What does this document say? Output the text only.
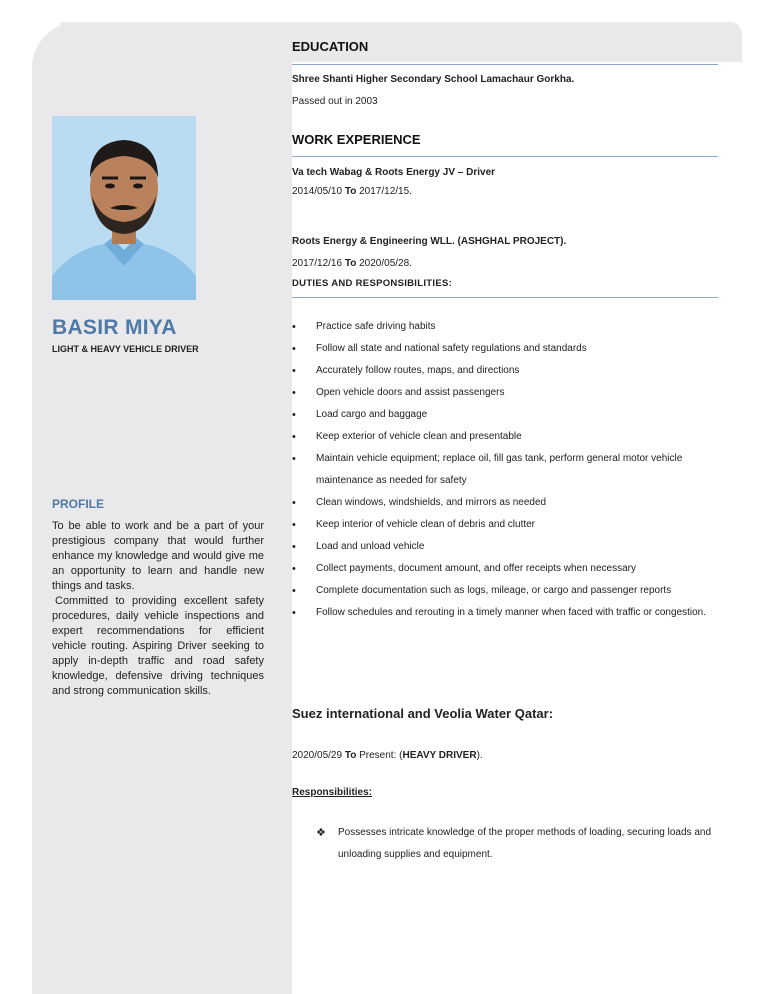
BASIR MIYA

LIGHT & HEAVY VEHICLE DRIVER

PROFILE

To be able to work and be a part of your prestigious company that would further enhance my knowledge and would give me an opportunity to learn and handle new things and tasks.

Committed to providing excellent safety procedures, daily vehicle inspections and expert recommendations for efficient vehicle routing. Aspiring Driver seeking to apply in-depth traffic and road safety knowledge, defensive driving techniques and strong communication skills.

EDUCATION

Shree Shanti Higher Secondary School Lamachaur Gorkha.

Passed out in 2003

WORK EXPERIENCE

Va tech Wabag & Roots Energy JV – Driver

2014/05/10 To 2017/12/15.

Roots Energy & Engineering WLL. (ASHGHAL PROJECT).

2017/12/16 To 2020/05/28.

DUTIES AND RESPONSIBILITIES:

• Practice safe driving habits
• Follow all state and national safety regulations and standards
• Accurately follow routes, maps, and directions
• Open vehicle doors and assist passengers
• Load cargo and baggage
• Keep exterior of vehicle clean and presentable
• Maintain vehicle equipment; replace oil, fill gas tank, perform general motor vehicle maintenance as needed for safety
• Clean windows, windshields, and mirrors as needed
• Keep interior of vehicle clean of debris and clutter
• Load and unload vehicle
• Collect payments, document amount, and offer receipts when necessary
• Complete documentation such as logs, mileage, or cargo and passenger reports
• Follow schedules and rerouting in a timely manner when faced with traffic or congestion.
Suez international and Veolia Water Qatar:

2020/05/29 To Present: (HEAVY DRIVER).

Responsibilities:

❖ Possesses intricate knowledge of the proper methods of loading, securing loads and unloading supplies and equipment.
